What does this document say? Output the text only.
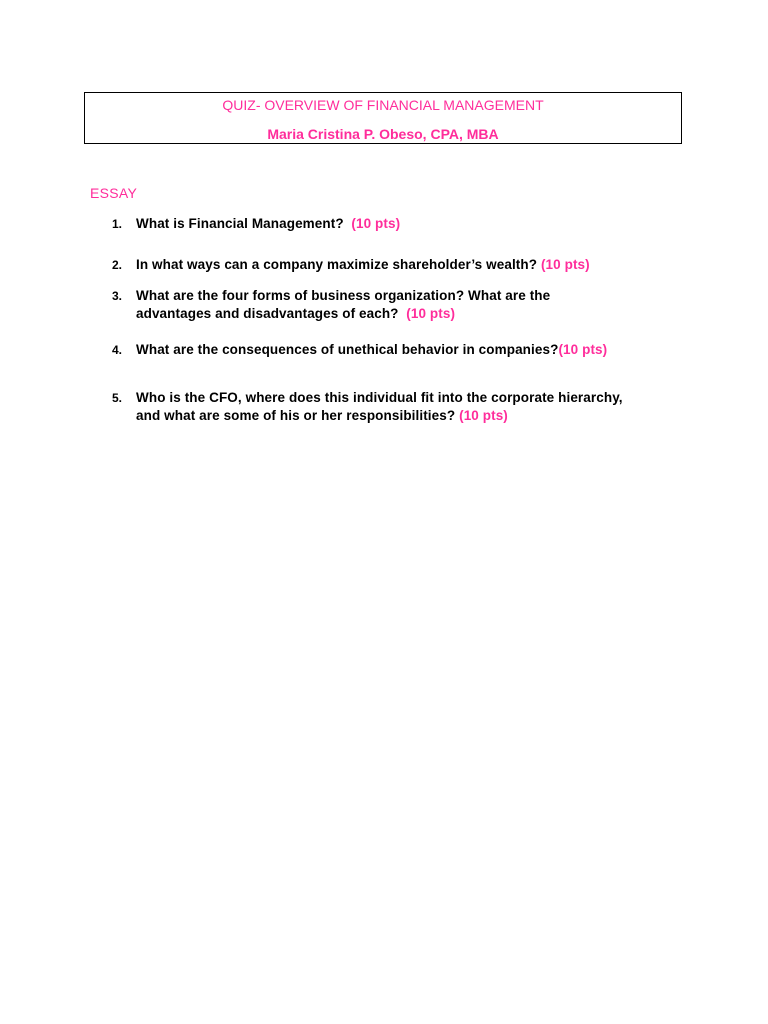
QUIZ- OVERVIEW OF FINANCIAL MANAGEMENT
Maria Cristina P. Obeso, CPA, MBA
ESSAY
1. What is Financial Management? (10 pts)
2. In what ways can a company maximize shareholder’s wealth? (10 pts)
3. What are the four forms of business organization? What are the
advantages and disadvantages of each? (10 pts)
4. What are the consequences of unethical behavior in companies?(10 pts)
5. Who is the CFO, where does this individual fit into the corporate hierarchy,
and what are some of his or her responsibilities? (10 pts)
